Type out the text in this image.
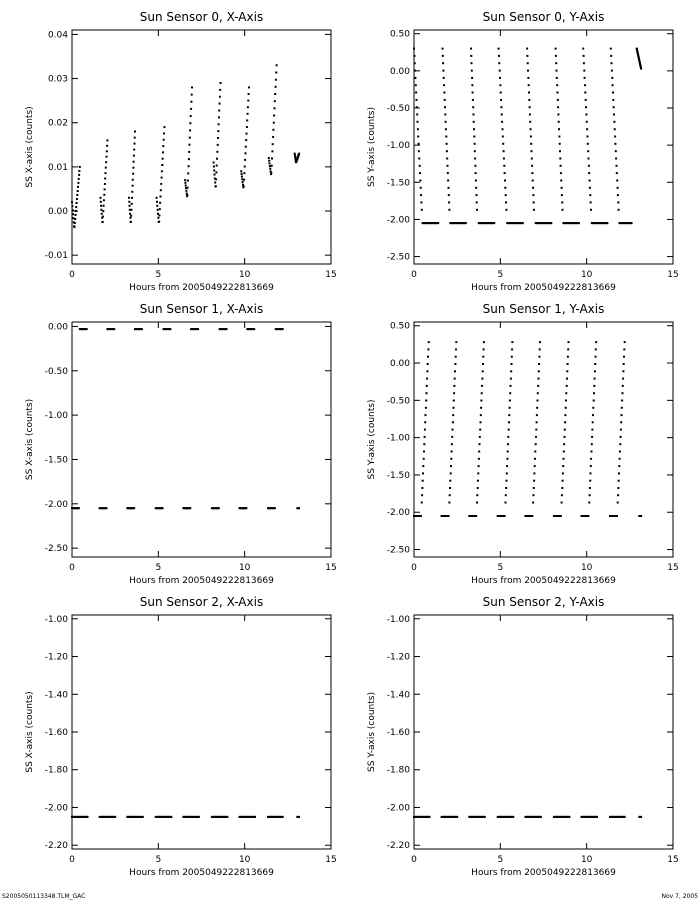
Sun Sensor 0, X-Axis
0	5	10	15
-0.01
0.00
0.01
0.02
0.03
0.04
Hours from 2005049222813669
SS X-axis (counts)
Sun Sensor 0, Y-Axis
0	5	10	15
0.50
0.00
-0.50
-1.00
-1.50
-2.00
-2.50
Hours from 2005049222813669
SS Y-axis (counts)
Sun Sensor 1, X-Axis
0	5	10	15
0.00
-0.50
-1.00
-1.50
-2.00
-2.50
Hours from 2005049222813669
SS X-axis (counts)
Sun Sensor 1, Y-Axis
0	5	10	15
0.50
0.00
-0.50
-1.00
-1.50
-2.00
-2.50
Hours from 2005049222813669
SS Y-axis (counts)
Sun Sensor 2, X-Axis
0	5	10	15
-1.00
-1.20
-1.40
-1.60
-1.80
-2.00
-2.20
Hours from 2005049222813669
SS X-axis (counts)
Sun Sensor 2, Y-Axis
0	5	10	15
-1.00
-1.20
-1.40
-1.60
-1.80
-2.00
-2.20
Hours from 2005049222813669
SS Y-axis (counts)
S2005050113348.TLM_GAC	Nov 7, 2005
